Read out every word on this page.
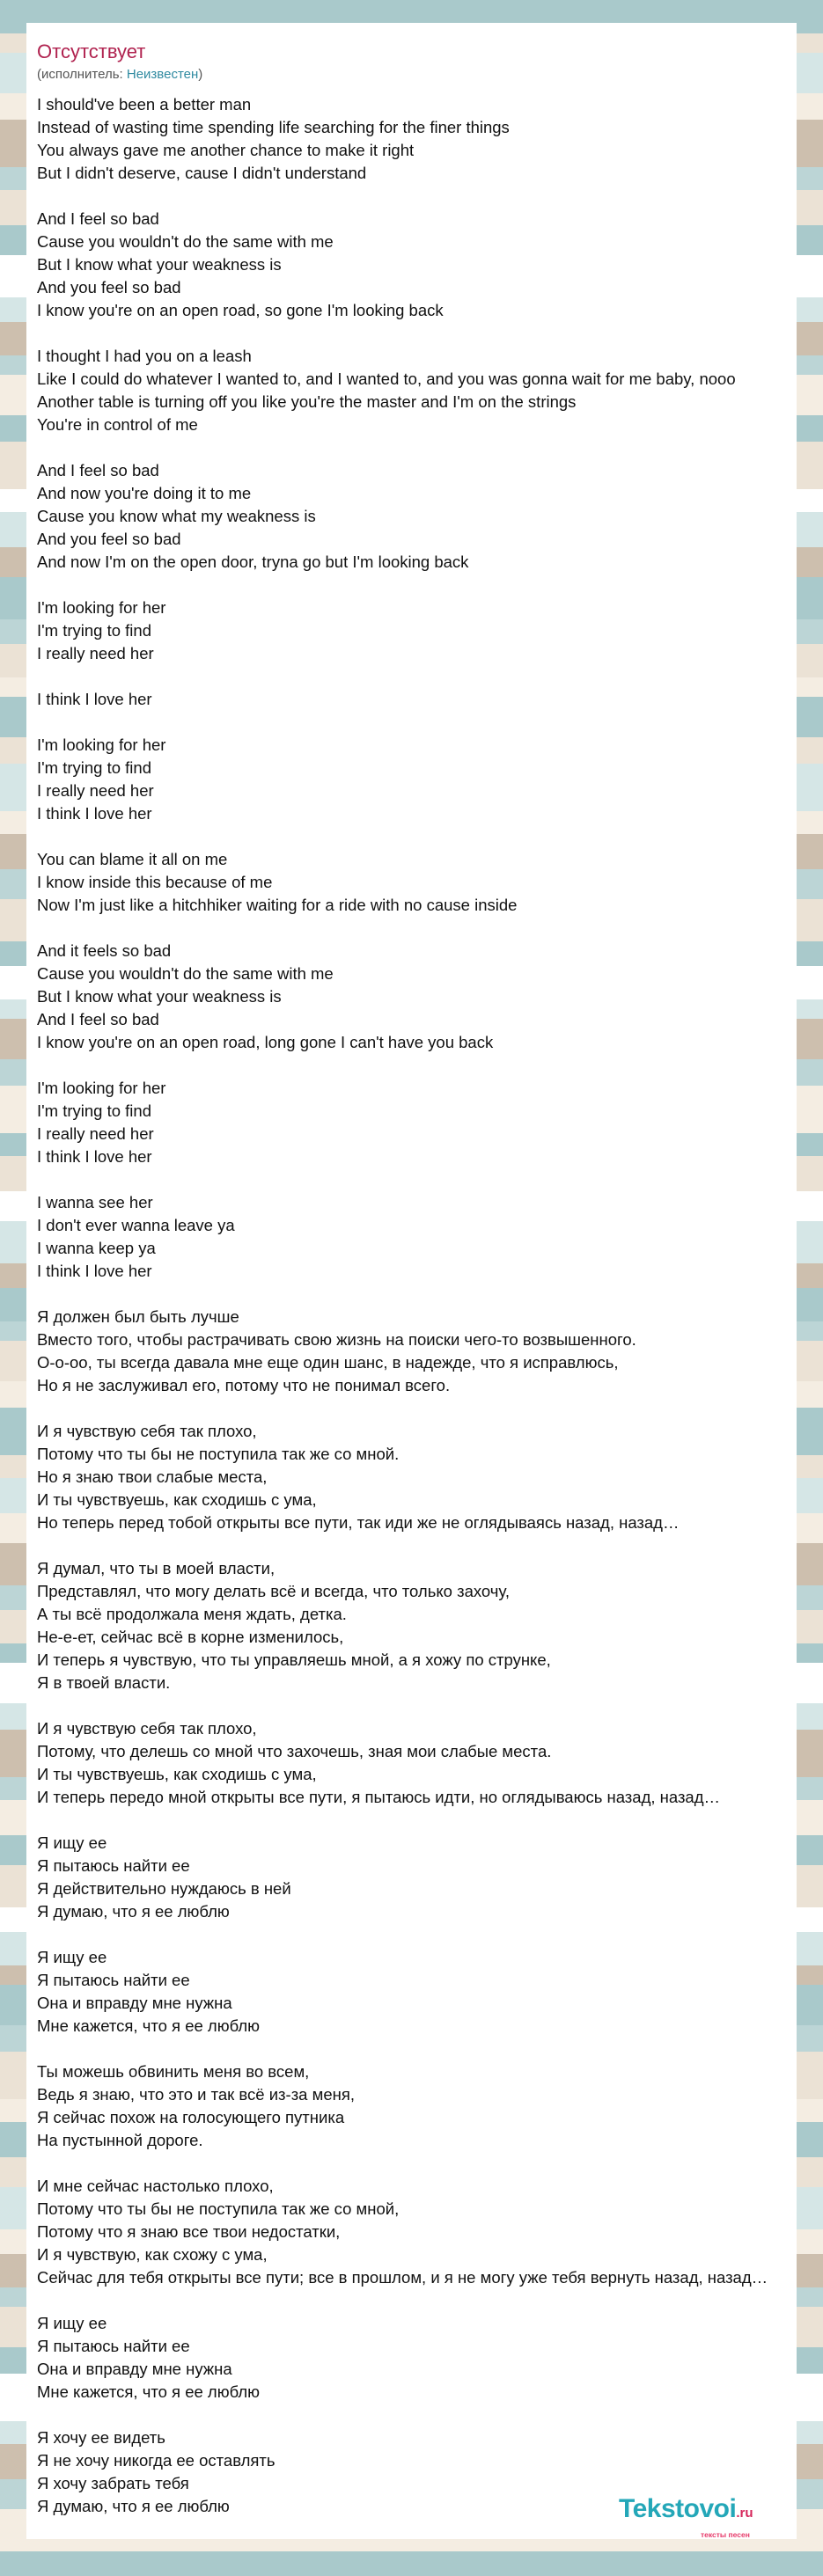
Отсутствует
(исполнитель: Неизвестен)
I should've been a better man
Instead of wasting time spending life searching for the finer things
You always gave me another chance to make it right
But I didn't deserve, cause I didn't understand
And I feel so bad
Cause you wouldn't do the same with me
But I know what your weakness is
And you feel so bad
I know you're on an open road, so gone I'm looking back
I thought I had you on a leash
Like I could do whatever I wanted to, and I wanted to, and you was gonna wait for me baby, nooo
Another table is turning off you like you're the master and I'm on the strings
You're in control of me
And I feel so bad
And now you're doing it to me
Cause you know what my weakness is
And you feel so bad
And now I'm on the open door, tryna go but I'm looking back
I'm looking for her
I'm trying to find
I really need her
I think I love her
I'm looking for her
I'm trying to find
I really need her
I think I love her
You can blame it all on me
I know inside this because of me
Now I'm just like a hitchhiker waiting for a ride with no cause inside
And it feels so bad
Cause you wouldn't do the same with me
But I know what your weakness is
And I feel so bad
I know you're on an open road, long gone I can't have you back
I'm looking for her
I'm trying to find
I really need her
I think I love her
I wanna see her
I don't ever wanna leave ya
I wanna keep ya
I think I love her
Я должен был быть лучше
Вместо того, чтобы растрачивать свою жизнь на поиски чего-то возвышенного.
О-о-оо, ты всегда давала мне еще один шанс, в надежде, что я исправлюсь,
Но я не заслуживал его, потому что не понимал всего.
И я чувствую себя так плохо,
Потому что ты бы не поступила так же со мной.
Но я знаю твои слабые места,
И ты чувствуешь, как сходишь с ума,
Но теперь перед тобой открыты все пути, так иди же не оглядываясь назад, назад…
Я думал, что ты в моей власти,
Представлял, что могу делать всё и всегда, что только захочу,
А ты всё продолжала меня ждать, детка.
Не-е-ет, сейчас всё в корне изменилось,
И теперь я чувствую, что ты управляешь мной, а я хожу по струнке,
Я в твоей власти.
И я чувствую себя так плохо,
Потому, что делешь со мной что захочешь, зная мои слабые места.
И ты чувствуешь, как сходишь с ума,
И теперь передо мной открыты все пути, я пытаюсь идти, но оглядываюсь назад, назад…
Я ищу ее
Я пытаюсь найти ее
Я действительно нуждаюсь в ней
Я думаю, что я ее люблю
Я ищу ее
Я пытаюсь найти ее
Она и вправду мне нужна
Мне кажется, что я ее люблю
Ты можешь обвинить меня во всем,
Ведь я знаю, что это и так всё из-за меня,
Я сейчас похож на голосующего путника
На пустынной дороге.
И мне сейчас настолько плохо,
Потому что ты бы не поступила так же со мной,
Потому что я знаю все твои недостатки,
И я чувствую, как схожу с ума,
Сейчас для тебя открыты все пути; все в прошлом, и я не могу уже тебя вернуть назад, назад…
Я ищу ее
Я пытаюсь найти ее
Она и вправду мне нужна
Мне кажется, что я ее люблю
Я хочу ее видеть
Я не хочу никогда ее оставлять
Я хочу забрать тебя
Я думаю, что я ее люблю	Tekstovoi.ru
тексты песен
